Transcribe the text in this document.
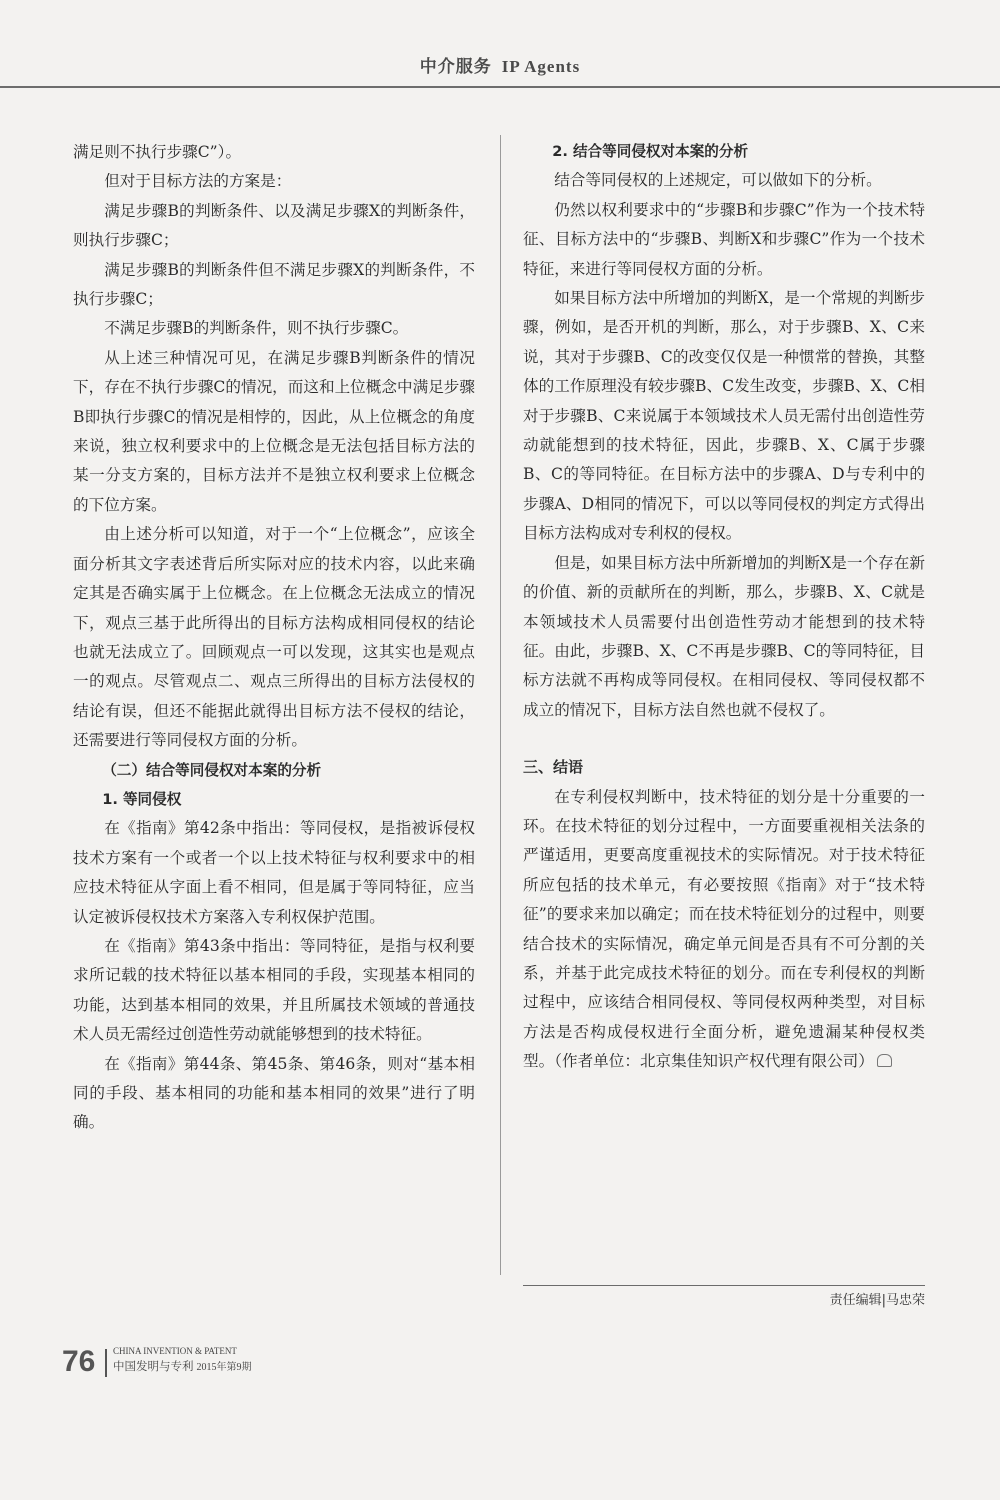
中介服务 IP Agents

满足则不执行步骤C”）。

但对于目标方法的方案是：

满足步骤B的判断条件、以及满足步骤X的判断条件，则执行步骤C；

满足步骤B的判断条件但不满足步骤X的判断条件，不执行步骤C；

不满足步骤B的判断条件，则不执行步骤C。

从上述三种情况可见，在满足步骤B判断条件的情况下，存在不执行步骤C的情况，而这和上位概念中满足步骤B即执行步骤C的情况是相悖的，因此，从上位概念的角度来说，独立权利要求中的上位概念是无法包括目标方法的某一分支方案的，目标方法并不是独立权利要求上位概念的下位方案。

由上述分析可以知道，对于一个“上位概念”，应该全面分析其文字表述背后所实际对应的技术内容，以此来确定其是否确实属于上位概念。在上位概念无法成立的情况下，观点三基于此所得出的目标方法构成相同侵权的结论也就无法成立了。回顾观点一可以发现，这其实也是观点一的观点。尽管观点二、观点三所得出的目标方法侵权的结论有误，但还不能据此就得出目标方法不侵权的结论，还需要进行等同侵权方面的分析。

（二）结合等同侵权对本案的分析

1. 等同侵权

在《指南》第42条中指出：等同侵权，是指被诉侵权技术方案有一个或者一个以上技术特征与权利要求中的相应技术特征从字面上看不相同，但是属于等同特征，应当认定被诉侵权技术方案落入专利权保护范围。

在《指南》第43条中指出：等同特征，是指与权利要求所记载的技术特征以基本相同的手段，实现基本相同的功能，达到基本相同的效果，并且所属技术领域的普通技术人员无需经过创造性劳动就能够想到的技术特征。

在《指南》第44条、第45条、第46条，则对“基本相同的手段、基本相同的功能和基本相同的效果”进行了明确。

2. 结合等同侵权对本案的分析

结合等同侵权的上述规定，可以做如下的分析。

仍然以权利要求中的“步骤B和步骤C”作为一个技术特征、目标方法中的“步骤B、判断X和步骤C”作为一个技术特征，来进行等同侵权方面的分析。

如果目标方法中所增加的判断X，是一个常规的判断步骤，例如，是否开机的判断，那么，对于步骤B、X、C来说，其对于步骤B、C的改变仅仅是一种惯常的替换，其整体的工作原理没有较步骤B、C发生改变，步骤B、X、C相对于步骤B、C来说属于本领域技术人员无需付出创造性劳动就能想到的技术特征，因此，步骤B、X、C属于步骤B、C的等同特征。在目标方法中的步骤A、D与专利中的步骤A、D相同的情况下，可以以等同侵权的判定方式得出目标方法构成对专利权的侵权。

但是，如果目标方法中所新增加的判断X是一个存在新的价值、新的贡献所在的判断，那么，步骤B、X、C就是本领域技术人员需要付出创造性劳动才能想到的技术特征。由此，步骤B、X、C不再是步骤B、C的等同特征，目标方法就不再构成等同侵权。在相同侵权、等同侵权都不成立的情况下，目标方法自然也就不侵权了。

三、结语

在专利侵权判断中，技术特征的划分是十分重要的一环。在技术特征的划分过程中，一方面要重视相关法条的严谨适用，更要高度重视技术的实际情况。对于技术特征所应包括的技术单元，有必要按照《指南》对于“技术特征”的要求来加以确定；而在技术特征划分的过程中，则要结合技术的实际情况，确定单元间是否具有不可分割的关系，并基于此完成技术特征的划分。而在专利侵权的判断过程中，应该结合相同侵权、等同侵权两种类型，对目标方法是否构成侵权进行全面分析，避免遗漏某种侵权类型。（作者单位：北京集佳知识产权代理有限公司）

责任编辑|马忠荣
76 CHINA INVENTION & PATENT
中国发明与专利 2015年第9期
